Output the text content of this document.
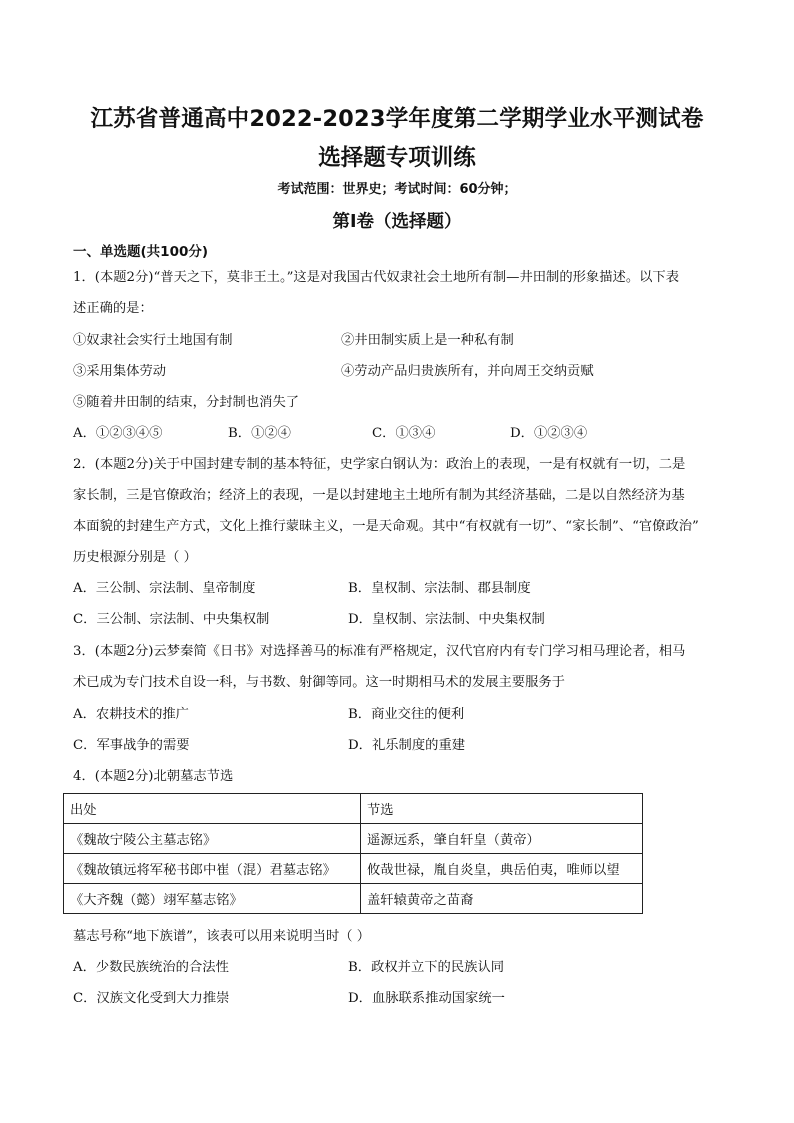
江苏省普通高中2022-2023学年度第二学期学业水平测试卷
选择题专项训练
考试范围：世界史；考试时间：60分钟；
第Ⅰ卷（选择题）
一、单选题(共100分)
1．(本题2分)“普天之下，莫非王土。”这是对我国古代奴隶社会土地所有制—井田制的形象描述。以下表
述正确的是：
①奴隶社会实行土地国有制	②井田制实质上是一种私有制
③采用集体劳动	④劳动产品归贵族所有，并向周王交纳贡赋
⑤随着井田制的结束，分封制也消失了
A．①②③④⑤	B．①②④	C．①③④	D．①②③④
2．(本题2分)关于中国封建专制的基本特征，史学家白钢认为：政治上的表现，一是有权就有一切，二是
家长制，三是官僚政治；经济上的表现，一是以封建地主土地所有制为其经济基础，二是以自然经济为基
本面貌的封建生产方式，文化上推行蒙昧主义，一是天命观。其中“有权就有一切”、“家长制”、“官僚政治”
历史根源分别是（ ）
A．三公制、宗法制、皇帝制度	B．皇权制、宗法制、郡县制度
C．三公制、宗法制、中央集权制	D．皇权制、宗法制、中央集权制
3．(本题2分)云梦秦简《日书》对选择善马的标准有严格规定，汉代官府内有专门学习相马理论者，相马
术已成为专门技术自设一科，与书数、射御等同。这一时期相马术的发展主要服务于
A．农耕技术的推广	B．商业交往的便利
C．军事战争的需要	D．礼乐制度的重建
4．(本题2分)北朝墓志节选
出处	节选
《魏故宁陵公主墓志铭》	遥源远系，肇自轩皇（黄帝）
《魏故镇远将军秘书郎中崔（混）君墓志铭》	攸哉世禄，胤自炎皇，典岳伯夷，唯师以望
《大齐魏（懿）翊军墓志铭》	盖轩辕黄帝之苗裔
墓志号称“地下族谱”，该表可以用来说明当时（ ）
A．少数民族统治的合法性	B．政权并立下的民族认同
C．汉族文化受到大力推崇	D．血脉联系推动国家统一
